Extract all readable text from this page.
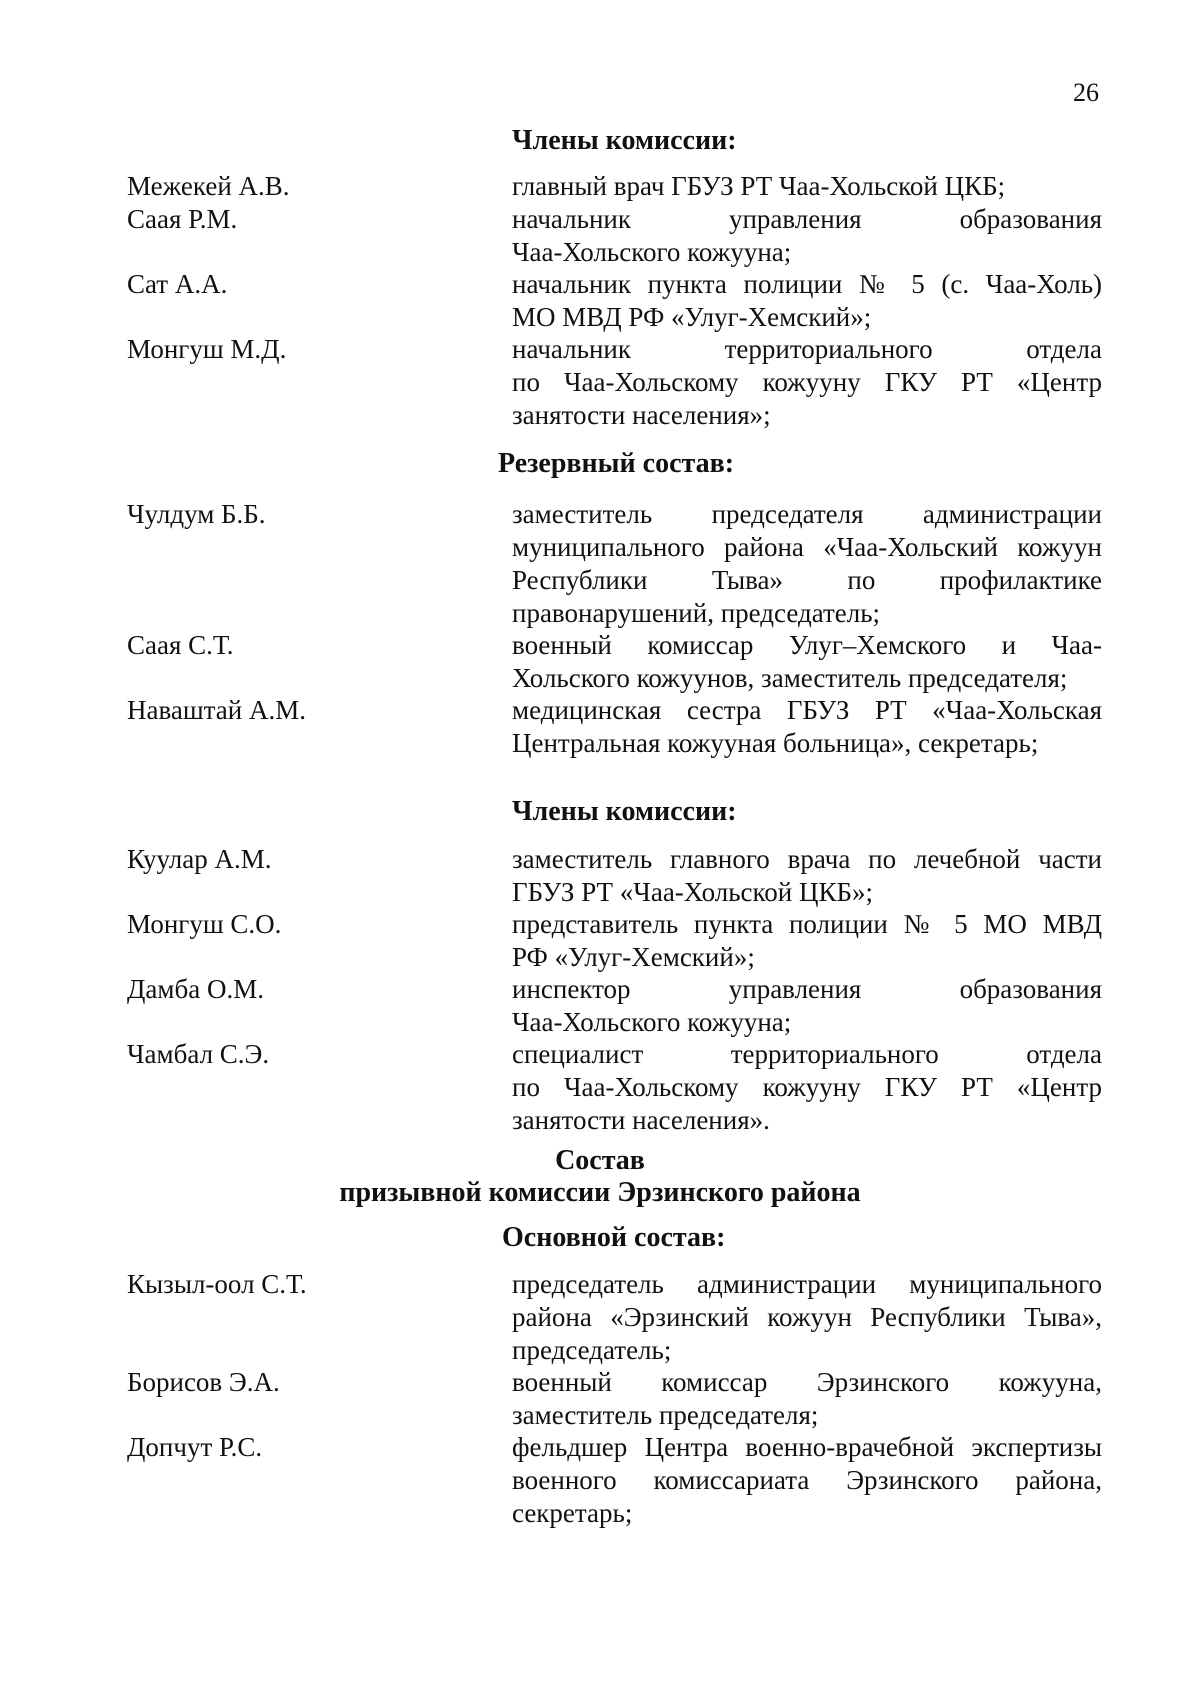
26
Члены комиссии:
Межекей А.В.	главный врач ГБУЗ РТ Чаа-Хольской ЦКБ;
Саая Р.М.	начальник управления образования
Чаа-Хольского кожууна;
Сат А.А.	начальник пункта полиции № 5 (с. Чаа-Холь)
МО МВД РФ «Улуг-Хемский»;
Монгуш М.Д.	начальник территориального отдела
по Чаа-Хольскому кожууну ГКУ РТ «Центр
занятости населения»;
Резервный состав:
Чулдум Б.Б.	заместитель председателя администрации
муниципального района «Чаа-Хольский кожуун
Республики Тыва» по профилактике
правонарушений, председатель;
Саая С.Т.	военный комиссар Улуг–Хемского и Чаа-
Хольского кожуунов, заместитель председателя;
Наваштай А.М.	медицинская сестра ГБУЗ РТ «Чаа-Хольская
Центральная кожууная больница», секретарь;
Члены комиссии:
Куулар А.М.	заместитель главного врача по лечебной части
ГБУЗ РТ «Чаа-Хольской ЦКБ»;
Монгуш С.О.	представитель пункта полиции № 5 МО МВД
РФ «Улуг-Хемский»;
Дамба О.М.	инспектор управления образования
Чаа-Хольского кожууна;
Чамбал С.Э.	специалист территориального отдела
по Чаа-Хольскому кожууну ГКУ РТ «Центр
занятости населения».
Состав
призывной комиссии Эрзинского района
Основной состав:
Кызыл-оол С.Т.	председатель администрации муниципального
района «Эрзинский кожуун Республики Тыва»,
председатель;
Борисов Э.А.	военный комиссар Эрзинского кожууна,
заместитель председателя;
Допчут Р.С.	фельдшер Центра военно-врачебной экспертизы
военного комиссариата Эрзинского района,
секретарь;
